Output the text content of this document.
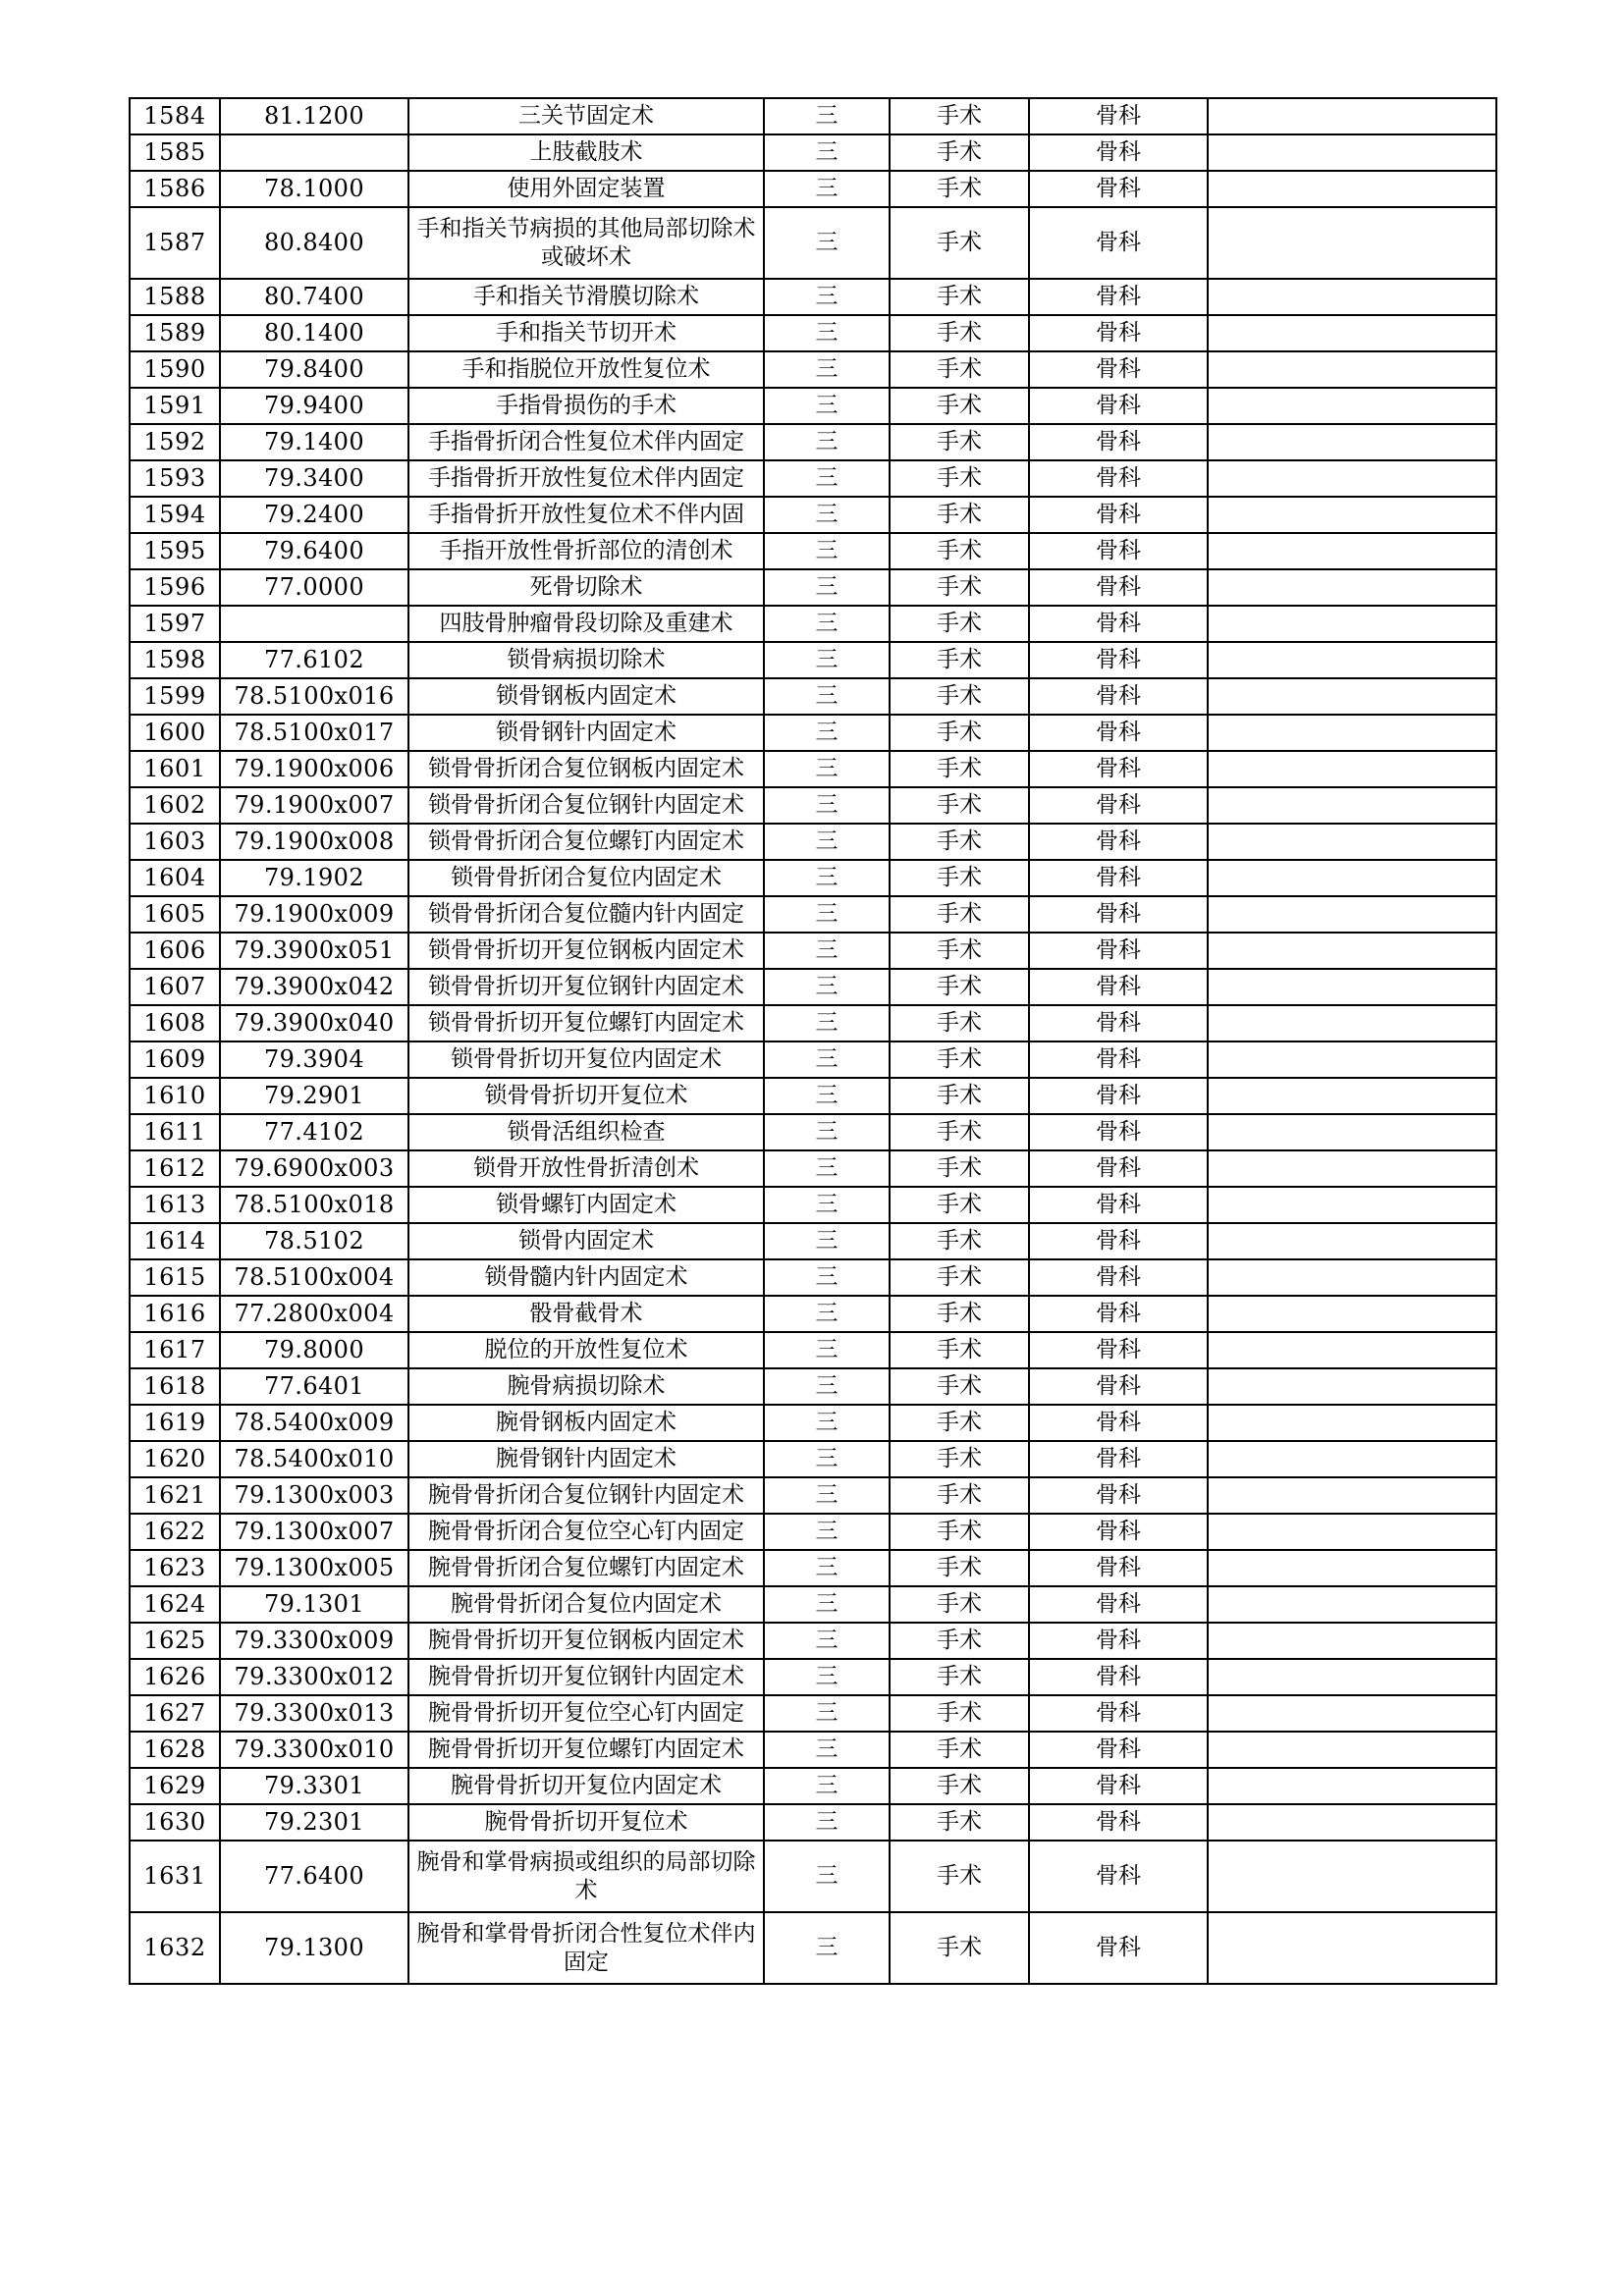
1584	81.1200	三关节固定术	三	手术	骨科	
1585		上肢截肢术	三	手术	骨科	
1586	78.1000	使用外固定装置	三	手术	骨科	
1587	80.8400	手和指关节病损的其他局部切除术或破坏术	三	手术	骨科	
1588	80.7400	手和指关节滑膜切除术	三	手术	骨科	
1589	80.1400	手和指关节切开术	三	手术	骨科	
1590	79.8400	手和指脱位开放性复位术	三	手术	骨科	
1591	79.9400	手指骨损伤的手术	三	手术	骨科	
1592	79.1400	手指骨折闭合性复位术伴内固定	三	手术	骨科	
1593	79.3400	手指骨折开放性复位术伴内固定	三	手术	骨科	
1594	79.2400	手指骨折开放性复位术不伴内固	三	手术	骨科	
1595	79.6400	手指开放性骨折部位的清创术	三	手术	骨科	
1596	77.0000	死骨切除术	三	手术	骨科	
1597		四肢骨肿瘤骨段切除及重建术	三	手术	骨科	
1598	77.6102	锁骨病损切除术	三	手术	骨科	
1599	78.5100x016	锁骨钢板内固定术	三	手术	骨科	
1600	78.5100x017	锁骨钢针内固定术	三	手术	骨科	
1601	79.1900x006	锁骨骨折闭合复位钢板内固定术	三	手术	骨科	
1602	79.1900x007	锁骨骨折闭合复位钢针内固定术	三	手术	骨科	
1603	79.1900x008	锁骨骨折闭合复位螺钉内固定术	三	手术	骨科	
1604	79.1902	锁骨骨折闭合复位内固定术	三	手术	骨科	
1605	79.1900x009	锁骨骨折闭合复位髓内针内固定	三	手术	骨科	
1606	79.3900x051	锁骨骨折切开复位钢板内固定术	三	手术	骨科	
1607	79.3900x042	锁骨骨折切开复位钢针内固定术	三	手术	骨科	
1608	79.3900x040	锁骨骨折切开复位螺钉内固定术	三	手术	骨科	
1609	79.3904	锁骨骨折切开复位内固定术	三	手术	骨科	
1610	79.2901	锁骨骨折切开复位术	三	手术	骨科	
1611	77.4102	锁骨活组织检查	三	手术	骨科	
1612	79.6900x003	锁骨开放性骨折清创术	三	手术	骨科	
1613	78.5100x018	锁骨螺钉内固定术	三	手术	骨科	
1614	78.5102	锁骨内固定术	三	手术	骨科	
1615	78.5100x004	锁骨髓内针内固定术	三	手术	骨科	
1616	77.2800x004	骰骨截骨术	三	手术	骨科	
1617	79.8000	脱位的开放性复位术	三	手术	骨科	
1618	77.6401	腕骨病损切除术	三	手术	骨科	
1619	78.5400x009	腕骨钢板内固定术	三	手术	骨科	
1620	78.5400x010	腕骨钢针内固定术	三	手术	骨科	
1621	79.1300x003	腕骨骨折闭合复位钢针内固定术	三	手术	骨科	
1622	79.1300x007	腕骨骨折闭合复位空心钉内固定	三	手术	骨科	
1623	79.1300x005	腕骨骨折闭合复位螺钉内固定术	三	手术	骨科	
1624	79.1301	腕骨骨折闭合复位内固定术	三	手术	骨科	
1625	79.3300x009	腕骨骨折切开复位钢板内固定术	三	手术	骨科	
1626	79.3300x012	腕骨骨折切开复位钢针内固定术	三	手术	骨科	
1627	79.3300x013	腕骨骨折切开复位空心钉内固定	三	手术	骨科	
1628	79.3300x010	腕骨骨折切开复位螺钉内固定术	三	手术	骨科	
1629	79.3301	腕骨骨折切开复位内固定术	三	手术	骨科	
1630	79.2301	腕骨骨折切开复位术	三	手术	骨科	
1631	77.6400	腕骨和掌骨病损或组织的局部切除术	三	手术	骨科	
1632	79.1300	腕骨和掌骨骨折闭合性复位术伴内固定	三	手术	骨科	
